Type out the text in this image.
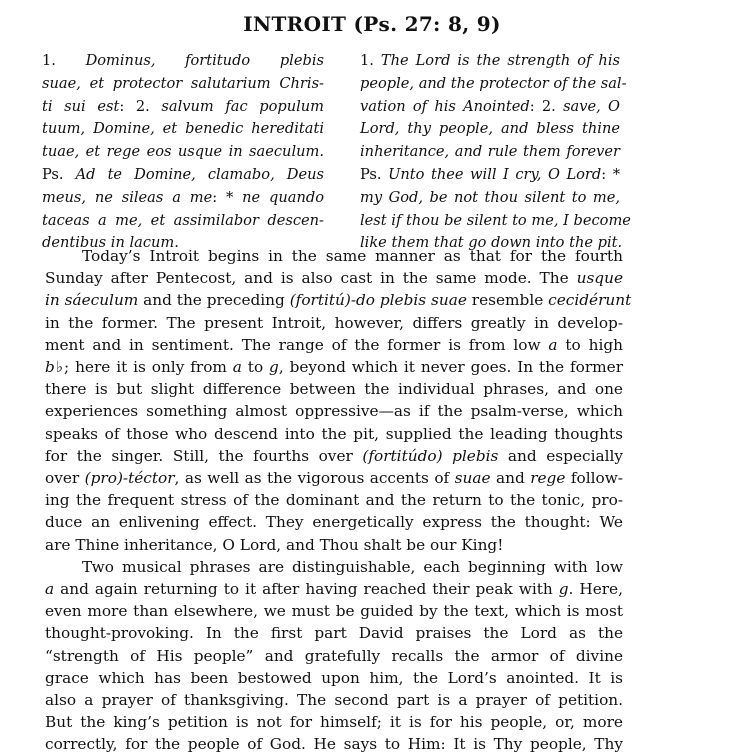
INTROIT (Ps. 27: 8, 9)
1. Dominus, fortitudo plebis
suae, et protector salutarium Chris-
ti sui est: 2. salvum fac populum
tuum, Domine, et benedic hereditati
tuae, et rege eos usque in saeculum.
Ps. Ad te Domine, clamabo, Deus
meus, ne sileas a me: * ne quando
taceas a me, et assimilabor descen-
dentibus in lacum.
1. The Lord is the strength of his
people, and the protector of the sal-
vation of his Anointed: 2. save, O
Lord, thy people, and bless thine
inheritance, and rule them forever
Ps. Unto thee will I cry, O Lord: *
my God, be not thou silent to me,
lest if thou be silent to me, I become
like them that go down into the pit.
Today’s Introit begins in the same manner as that for the fourth
Sunday after Pentecost, and is also cast in the same mode. The usque
in sáeculum and the preceding (fortitú)-do plebis suae resemble cecidérunt
in the former. The present Introit, however, differs greatly in develop-
ment and in sentiment. The range of the former is from low a to high
b♭; here it is only from a to g, beyond which it never goes. In the former
there is but slight difference between the individual phrases, and one
experiences something almost oppressive—as if the psalm-verse, which
speaks of those who descend into the pit, supplied the leading thoughts
for the singer. Still, the fourths over (fortitúdo) plebis and especially
over (pro)-téctor, as well as the vigorous accents of suae and rege follow-
ing the frequent stress of the dominant and the return to the tonic, pro-
duce an enlivening effect. They energetically express the thought: We
are Thine inheritance, O Lord, and Thou shalt be our King!
Two musical phrases are distinguishable, each beginning with low
a and again returning to it after having reached their peak with g. Here,
even more than elsewhere, we must be guided by the text, which is most
thought-provoking. In the first part David praises the Lord as the
“strength of His people” and gratefully recalls the armor of divine
grace which has been bestowed upon him, the Lord’s anointed. It is
also a prayer of thanksgiving. The second part is a prayer of petition.
But the king’s petition is not for himself; it is for his people, or, more
correctly, for the people of God. He says to Him: It is Thy people, Thy
